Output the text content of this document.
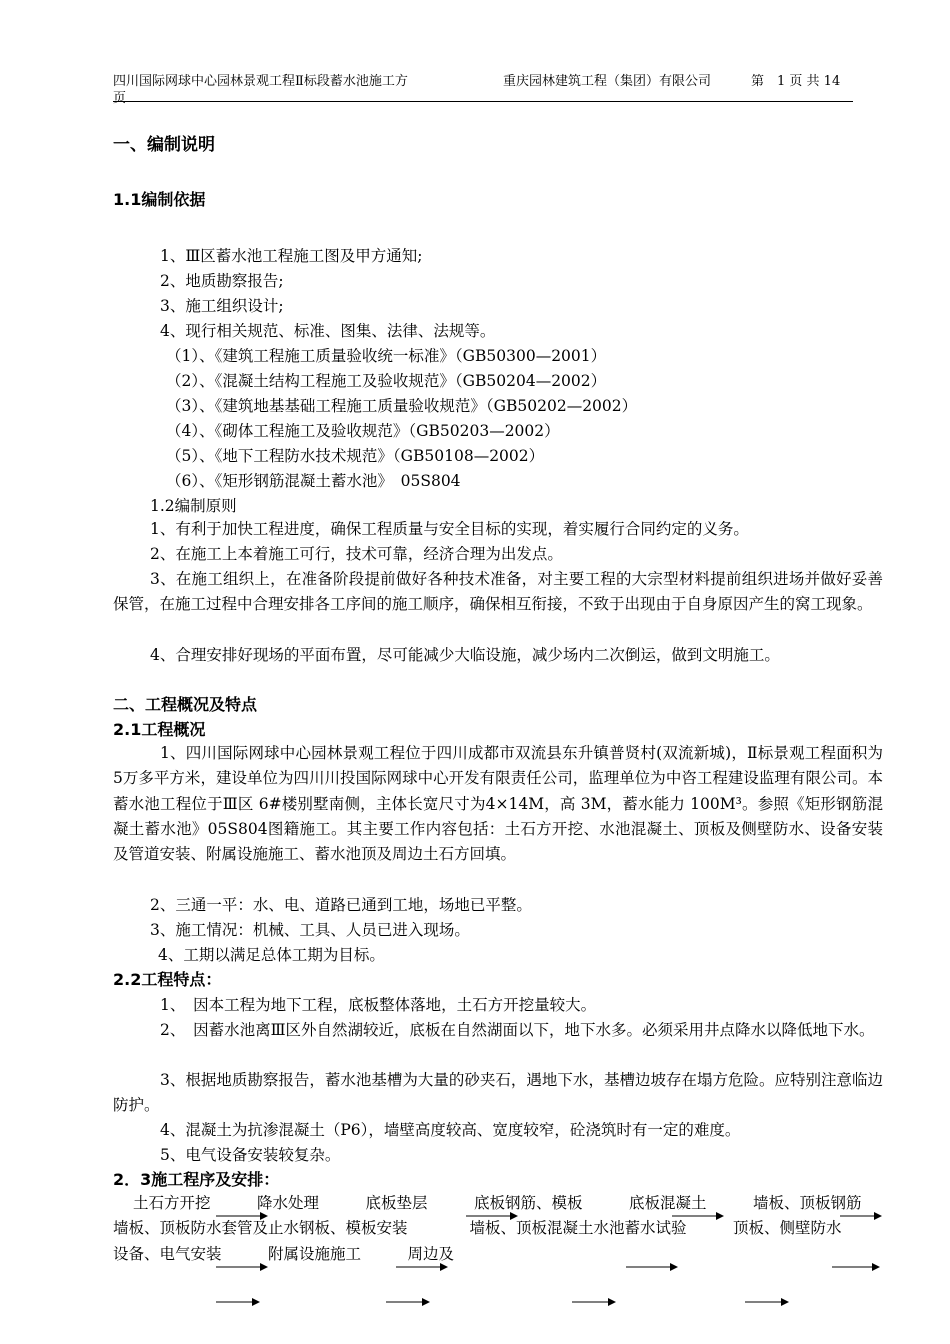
四川国际网球中心园林景观工程Ⅱ标段蓄水池施工方	重庆园林建筑工程（集团）有限公司	第　1 页 共 14
页
一、编制说明
1.1编制依据
1、Ⅲ区蓄水池工程施工图及甲方通知;
2、地质勘察报告;
3、施工组织设计;
4、现行相关规范、标准、图集、法律、法规等。
（1）、《建筑工程施工质量验收统一标准》（GB50300—2001）
（2）、《混凝土结构工程施工及验收规范》（GB50204—2002）
（3）、《建筑地基基础工程施工质量验收规范》（GB50202—2002）
（4）、《砌体工程施工及验收规范》（GB50203—2002）
（5）、《地下工程防水技术规范》（GB50108—2002）
（6）、《矩形钢筋混凝土蓄水池》　05S804
1.2编制原则
1、有利于加快工程进度，确保工程质量与安全目标的实现，着实履行合同约定的义务。
2、在施工上本着施工可行，技术可靠，经济合理为出发点。
3、在施工组织上，在准备阶段提前做好各种技术准备，对主要工程的大宗型材料提前组织进场并做好妥善保管，在施工过程中合理安排各工序间的施工顺序，确保相互衔接，不致于出现由于自身原因产生的窝工现象。
4、合理安排好现场的平面布置，尽可能减少大临设施，减少场内二次倒运，做到文明施工。
二、工程概况及特点
2.1工程概况
1、四川国际网球中心园林景观工程位于四川成都市双流县东升镇普贤村(双流新城)，Ⅱ标景观工程面积为5万多平方米，建设单位为四川川投国际网球中心开发有限责任公司，监理单位为中咨工程建设监理有限公司。本蓄水池工程位于Ⅲ区 6#楼别墅南侧，主体长宽尺寸为4×14M，高 3M，蓄水能力 100M³。参照《矩形钢筋混凝土蓄水池》05S804图籍施工。其主要工作内容包括：土石方开挖、水池混凝土、顶板及侧壁防水、设备安装及管道安装、附属设施施工、蓄水池顶及周边土石方回填。
2、三通一平：水、电、道路已通到工地，场地已平整。
3、施工情况：机械、工具、人员已进入现场。
4、工期以满足总体工期为目标。
2.2工程特点：
1、　因本工程为地下工程，底板整体落地，土石方开挖量较大。
2、　因蓄水池离Ⅲ区外自然湖较近，底板在自然湖面以下，地下水多。必须采用井点降水以降低地下水。
3、根据地质勘察报告，蓄水池基槽为大量的砂夹石，遇地下水，基槽边坡存在塌方危险。应特别注意临边防护。
4、混凝土为抗渗混凝土（P6），墙壁高度较高、宽度较窄，砼浇筑时有一定的难度。
5、电气设备安装较复杂。
2．3施工程序及安排：
土石方开挖　　　降水处理　　　底板垫层　　　底板钢筋、模板　　　底板混凝土　　　墙板、顶板钢筋　　　墙板、顶板防水套管及止水钢板、模板安装　　　　墙板、顶板混凝土水池蓄水试验　　　顶板、侧壁防水　　　设备、电气安装　　　附属设施施工　　　周边及
